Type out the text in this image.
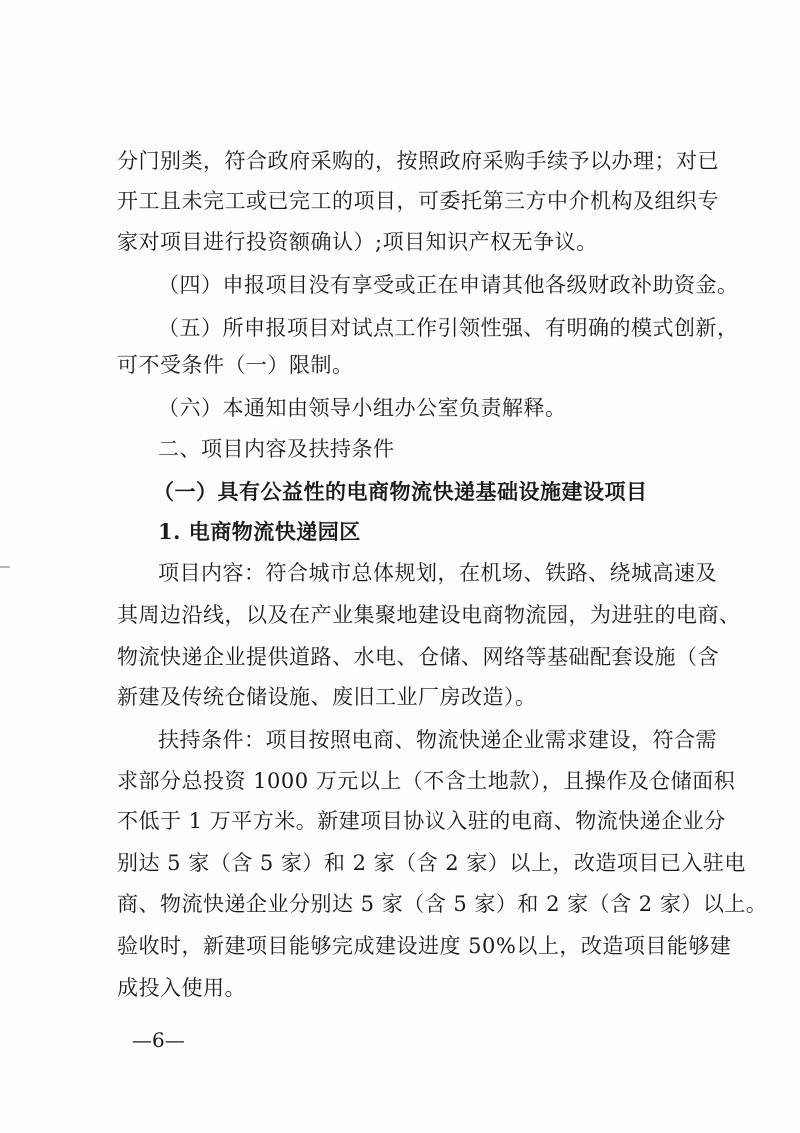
分门别类，符合政府采购的，按照政府采购手续予以办理；对已
开工且未完工或已完工的项目，可委托第三方中介机构及组织专
家对项目进行投资额确认）;项目知识产权无争议。
（四）申报项目没有享受或正在申请其他各级财政补助资金。
（五）所申报项目对试点工作引领性强、有明确的模式创新，
可不受条件（一）限制。
（六）本通知由领导小组办公室负责解释。
二、项目内容及扶持条件
（一）具有公益性的电商物流快递基础设施建设项目
1. 电商物流快递园区
项目内容：符合城市总体规划，在机场、铁路、绕城高速及
其周边沿线，以及在产业集聚地建设电商物流园，为进驻的电商、
物流快递企业提供道路、水电、仓储、网络等基础配套设施（含
新建及传统仓储设施、废旧工业厂房改造）。
扶持条件：项目按照电商、物流快递企业需求建设，符合需
求部分总投资 1000 万元以上（不含土地款），且操作及仓储面积
不低于 1 万平方米。新建项目协议入驻的电商、物流快递企业分
别达 5 家（含 5 家）和 2 家（含 2 家）以上，改造项目已入驻电
商、物流快递企业分别达 5 家（含 5 家）和 2 家（含 2 家）以上。
验收时，新建项目能够完成建设进度 50%以上，改造项目能够建
成投入使用。
—6—
